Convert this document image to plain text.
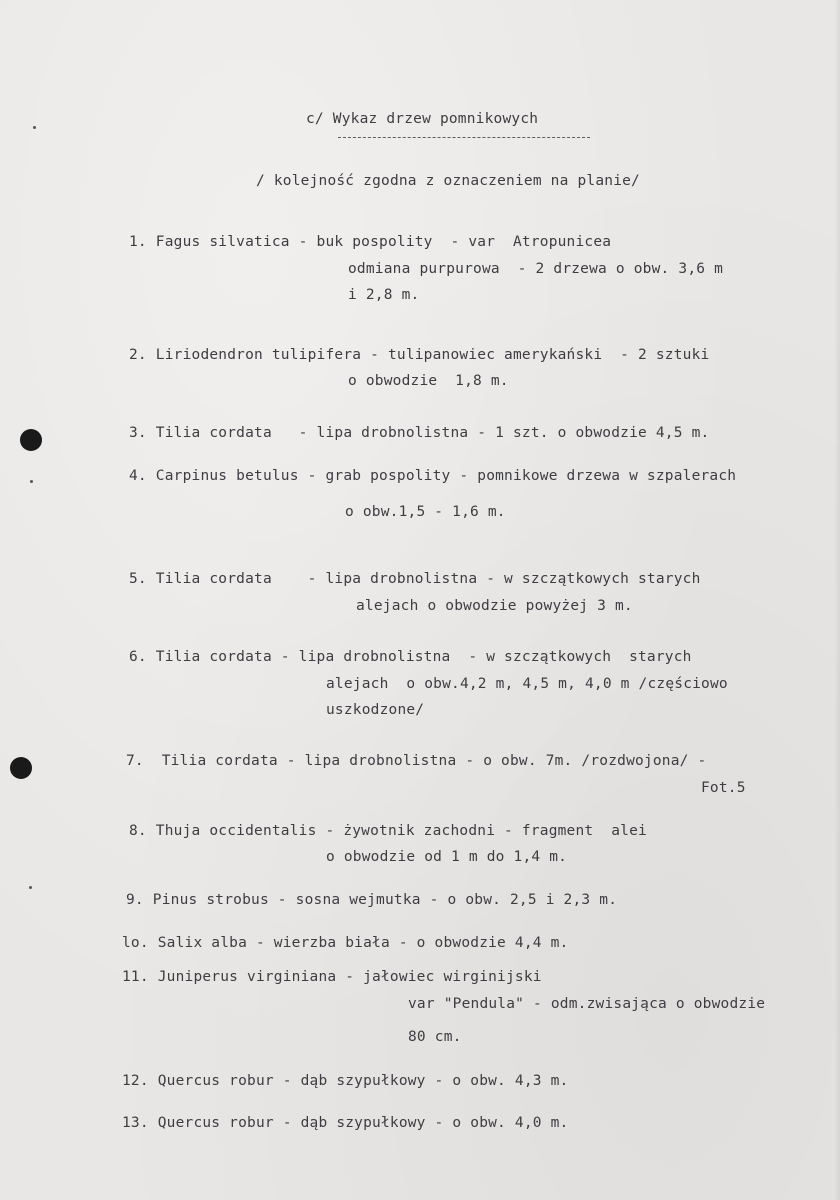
c/ Wykaz drzew pomnikowych
/ kolejność zgodna z oznaczeniem na planie/
1. Fagus silvatica - buk pospolity  - var  Atropunicea
odmiana purpurowa  - 2 drzewa o obw. 3,6 m
i 2,8 m.
2. Liriodendron tulipifera - tulipanowiec amerykański  - 2 sztuki
o obwodzie  1,8 m.
3. Tilia cordata   - lipa drobnolistna - 1 szt. o obwodzie 4,5 m.
4. Carpinus betulus - grab pospolity - pomnikowe drzewa w szpalerach
o obw.1,5 - 1,6 m.
5. Tilia cordata    - lipa drobnolistna - w szczątkowych starych
alejach o obwodzie powyżej 3 m.
6. Tilia cordata - lipa drobnolistna  - w szczątkowych  starych
alejach  o obw.4,2 m, 4,5 m, 4,0 m /częściowo
uszkodzone/
7.  Tilia cordata - lipa drobnolistna - o obw. 7m. /rozdwojona/ -
Fot.5
8. Thuja occidentalis - żywotnik zachodni - fragment  alei
o obwodzie od 1 m do 1,4 m.
9. Pinus strobus - sosna wejmutka - o obw. 2,5 i 2,3 m.
lo. Salix alba - wierzba biała - o obwodzie 4,4 m.
11. Juniperus virginiana - jałowiec wirginijski
var "Pendula" - odm.zwisająca o obwodzie
80 cm.
12. Quercus robur - dąb szypułkowy - o obw. 4,3 m.
13. Quercus robur - dąb szypułkowy - o obw. 4,0 m.
